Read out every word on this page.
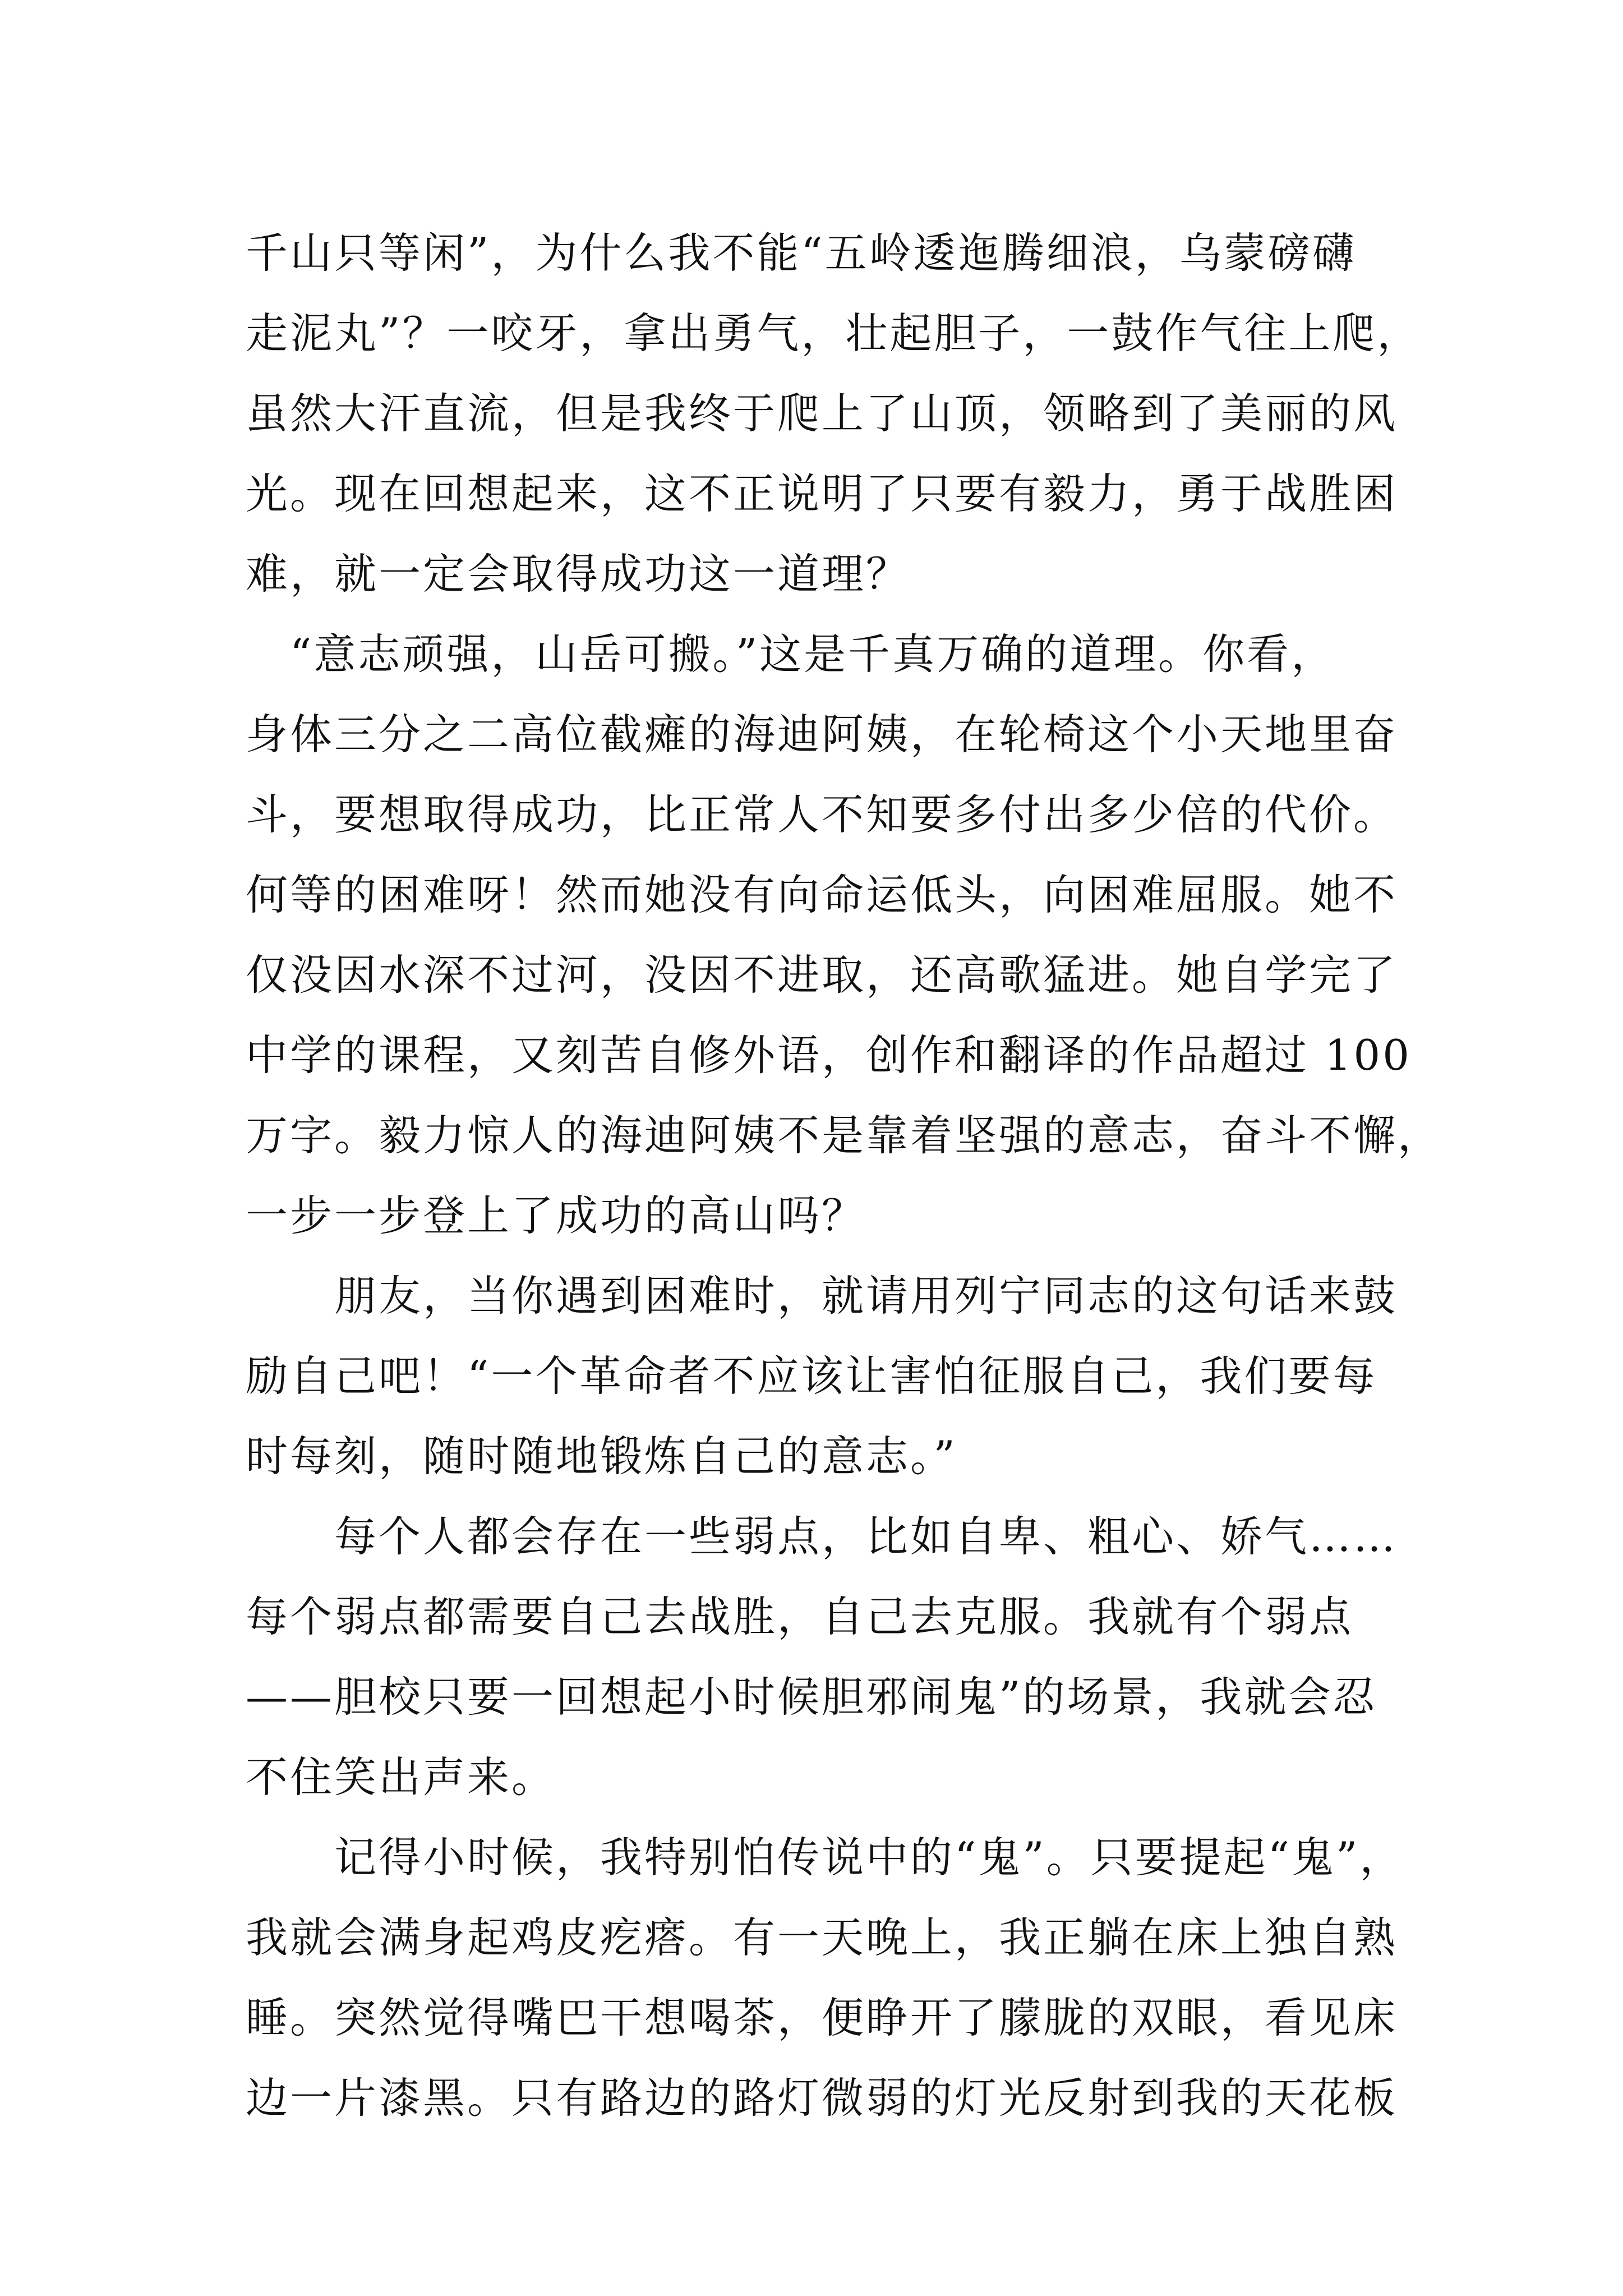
千山只等闲”，为什么我不能“五岭逶迤腾细浪，乌蒙磅礴

走泥丸”？一咬牙，拿出勇气，壮起胆子，一鼓作气往上爬，

虽然大汗直流，但是我终于爬上了山顶，领略到了美丽的风

光。现在回想起来，这不正说明了只要有毅力，勇于战胜困

难，就一定会取得成功这一道理？

　“意志顽强，山岳可搬。”这是千真万确的道理。你看，

身体三分之二高位截瘫的海迪阿姨，在轮椅这个小天地里奋

斗，要想取得成功，比正常人不知要多付出多少倍的代价。

何等的困难呀！然而她没有向命运低头，向困难屈服。她不

仅没因水深不过河，没因不进取，还高歌猛进。她自学完了

中学的课程，又刻苦自修外语，创作和翻译的作品超过 100

万字。毅力惊人的海迪阿姨不是靠着坚强的意志，奋斗不懈，

一步一步登上了成功的高山吗？

　　朋友，当你遇到困难时，就请用列宁同志的这句话来鼓

励自己吧！“一个革命者不应该让害怕征服自己，我们要每

时每刻，随时随地锻炼自己的意志。”

　　每个人都会存在一些弱点，比如自卑、粗心、娇气……

每个弱点都需要自己去战胜，自己去克服。我就有个弱点

——胆校只要一回想起小时候胆邪闹鬼”的场景，我就会忍

不住笑出声来。

　　记得小时候，我特别怕传说中的“鬼”。只要提起“鬼”，

我就会满身起鸡皮疙瘩。有一天晚上，我正躺在床上独自熟

睡。突然觉得嘴巴干想喝茶，便睁开了朦胧的双眼，看见床

边一片漆黑。只有路边的路灯微弱的灯光反射到我的天花板
